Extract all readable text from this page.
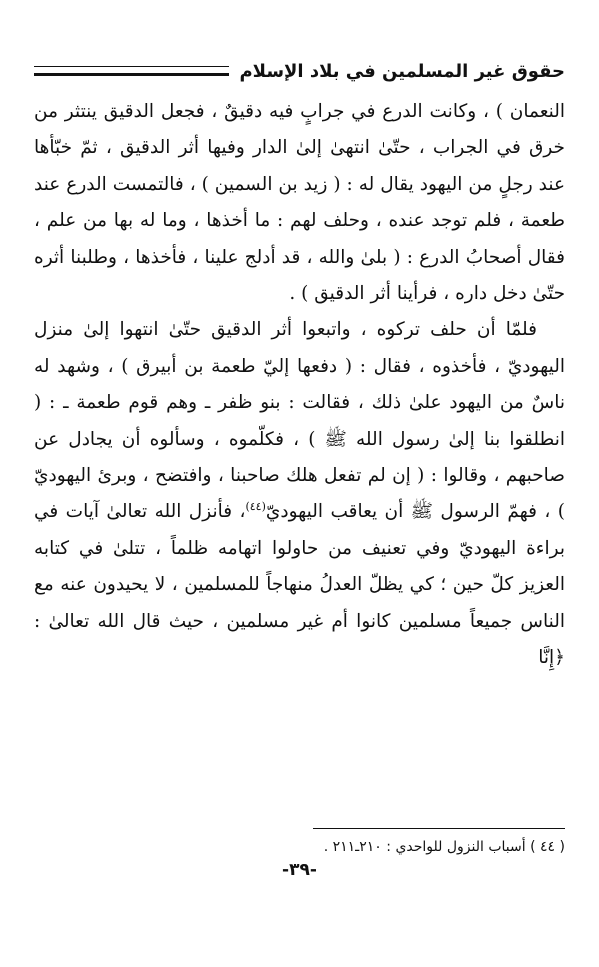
حقوق غير المسلمين في بلاد الإسلام

النعمان ) ، وكانت الدرع في جرابٍ فيه دقيقٌ ، فجعل الدقيق ينتثر من خرق في الجراب ، حتّىٰ انتهىٰ إلىٰ الدار وفيها أثر الدقيق ، ثمّ خبّأها عند رجلٍ من اليهود يقال له : ( زيد بن السمين ) ، فالتمست الدرع عند طعمة ، فلم توجد عنده ، وحلف لهم : ما أخذها ، وما له بها من علم ، فقال أصحابُ الدرع : ( بلىٰ والله ، قد أدلج علينا ، فأخذها ، وطلبنا أثره حتّىٰ دخل داره ، فرأينا أثر الدقيق ) .

فلمّا أن حلف تركوه ، واتبعوا أثر الدقيق حتّىٰ انتهوا إلىٰ منزل اليهوديّ ، فأخذوه ، فقال : ( دفعها إليّ طعمة بن أبيرق ) ، وشهد له ناسٌ من اليهود علىٰ ذلك ، فقالت : بنو ظفر ـ وهم قوم طعمة ـ : ( انطلقوا بنا إلىٰ رسول الله ﷺ ) ، فكلّموه ، وسألوه أن يجادل عن صاحبهم ، وقالوا : ( إن لم تفعل هلك صاحبنا ، وافتضح ، وبرئ اليهوديّ ) ، فهمّ الرسول ﷺ أن يعاقب اليهوديّ$^{(٤٤)}$، فأنزل الله تعالىٰ آيات في براءة اليهوديّ وفي تعنيف من حاولوا اتهامه ظلماً ، تتلىٰ في كتابه العزيز كلّ حين ؛ كي يظلّ العدلُ منهاجاً للمسلمين ، لا يحيدون عنه مع الناس جميعاً مسلمين كانوا أم غير مسلمين ، حيث قال الله تعالىٰ : ﴿إِنَّا

( ٤٤ ) أسباب النزول للواحدي : ٢١٠ـ٢١١ .
-٣٩-
